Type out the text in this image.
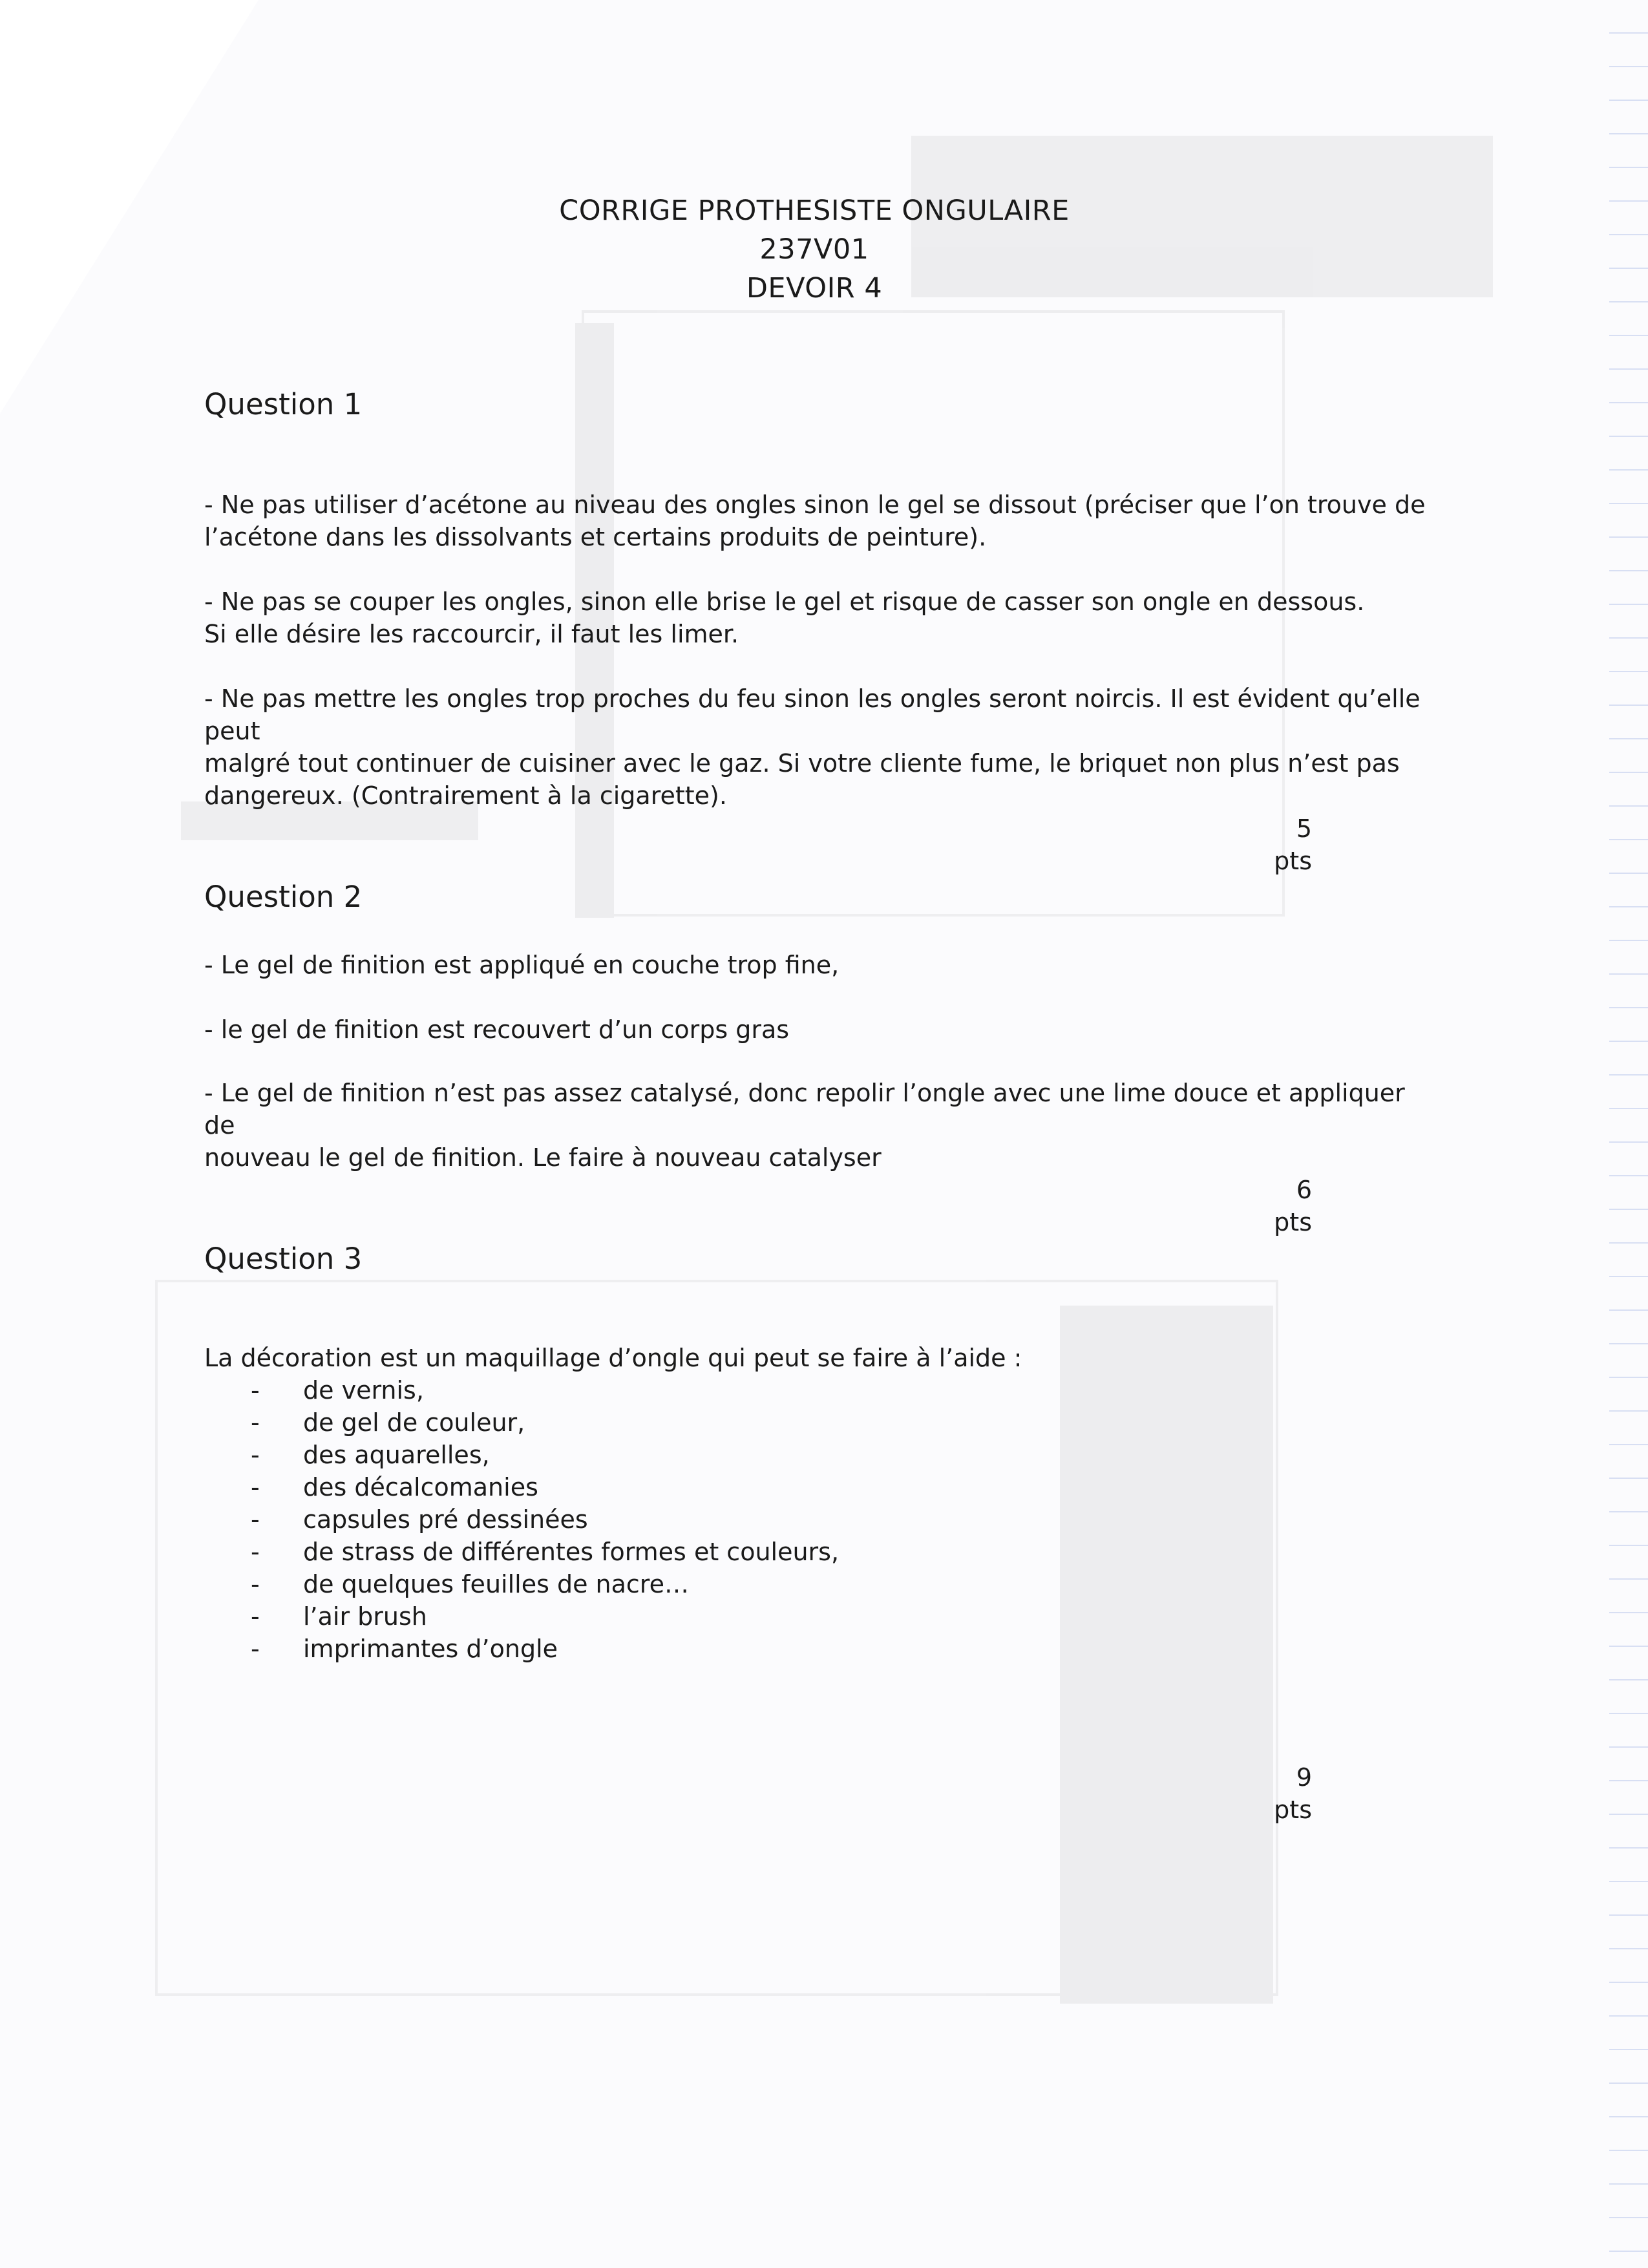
CORRIGE PROTHESISTE ONGULAIRE
237V01
DEVOIR 4
Question 1

- Ne pas utiliser d’acétone au niveau des ongles sinon le gel se dissout (préciser que l’on trouve de

l’acétone dans les dissolvants et certains produits de peinture).

- Ne pas se couper les ongles, sinon elle brise le gel et risque de casser son ongle en dessous.

Si elle désire les raccourcir, il faut les limer.

- Ne pas mettre les ongles trop proches du feu sinon les ongles seront noircis. Il est évident qu’elle peut

malgré tout continuer de cuisiner avec le gaz. Si votre cliente fume, le briquet non plus n’est pas

dangereux. (Contrairement à la cigarette).

5 pts
Question 2

- Le gel de finition est appliqué en couche trop fine,

- le gel de finition est recouvert d’un corps gras

- Le gel de finition n’est pas assez catalysé, donc repolir l’ongle avec une lime douce et appliquer de

nouveau le gel de finition. Le faire à nouveau catalyser

6 pts
Question 3

La décoration est un maquillage d’ongle qui peut se faire à l’aide :

- de vernis,
- de gel de couleur,
- des aquarelles,
- des décalcomanies
- capsules pré dessinées
- de strass de différentes formes et couleurs,
- de quelques feuilles de nacre…
- l’air brush
- imprimantes d’ongle
9 pts
